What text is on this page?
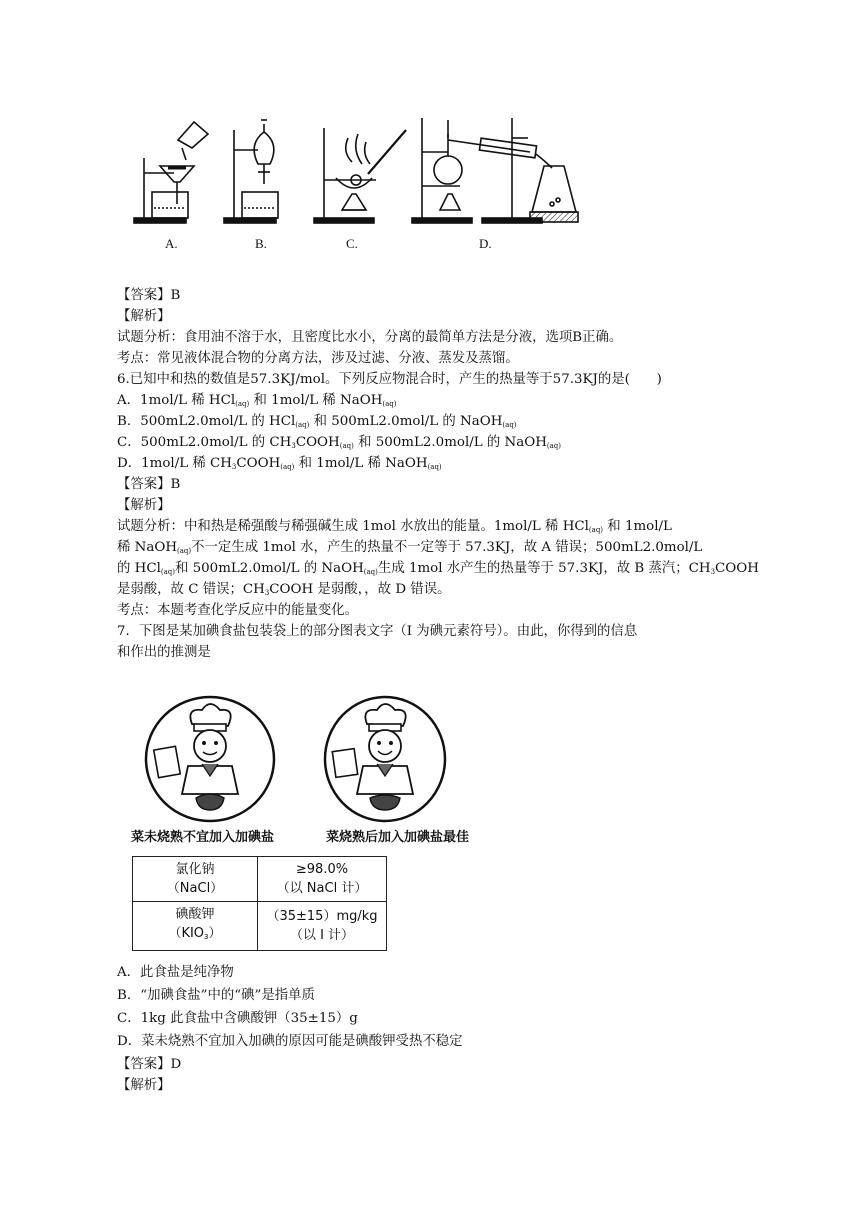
A.	B.	C.	D.
【答案】B
【解析】
试题分析：食用油不溶于水，且密度比水小，分离的最简单方法是分液，选项B正确。
考点：常见液体混合物的分离方法，涉及过滤、分液、蒸发及蒸馏。
6.已知中和热的数值是57.3KJ/mol。下列反应物混合时，产生的热量等于57.3KJ的是(　　)
A．1mol/L 稀 HCl$_{(aq)}$ 和 1mol/L 稀 NaOH$_{(aq)}$
B．500mL2.0mol/L 的 HCl$_{(aq)}$ 和 500mL2.0mol/L 的 NaOH$_{(aq)}$
C．500mL2.0mol/L 的 $CH_3COOH_{(aq)}$ 和 500mL2.0mol/L 的 NaOH$_{(aq)}$
D．1mol/L 稀 $CH_3COOH_{(aq)}$ 和 1mol/L 稀 NaOH$_{(aq)}$
【答案】B
【解析】
试题分析：中和热是稀强酸与稀强碱生成 1mol 水放出的能量。1mol/L 稀 HCl$_{(aq)}$ 和 1mol/L
稀 NaOH$_{(aq)}$不一定生成 1mol 水，产生的热量不一定等于 57.3KJ，故 A 错误；500mL2.0mol/L
的 HCl$_{(aq)}$和 500mL2.0mol/L 的 NaOH$_{(aq)}$生成 1mol 水产生的热量等于 57.3KJ，故 B 蒸汽；$CH_3COOH$
是弱酸，故 C 错误；$CH_3COOH$ 是弱酸，，故 D 错误。
考点：本题考查化学反应中的能量变化。
7．下图是某加碘食盐包装袋上的部分图表文字（I 为碘元素符号）。由此，你得到的信息
和作出的推测是
菜未烧熟不宜加入加碘盐	菜烧熟后加入加碘盐最佳
氯化钠
（NaCl）	≥98.0%
（以 NaCl 计）

碘酸钾
$(KIO_3)$	（35±15）mg/kg
（以 I 计）
A．此食盐是纯净物
B．“加碘食盐”中的“碘”是指单质
C．1kg 此食盐中含碘酸钾（35±15）g
D．菜未烧熟不宜加入加碘的原因可能是碘酸钾受热不稳定
【答案】D
【解析】
